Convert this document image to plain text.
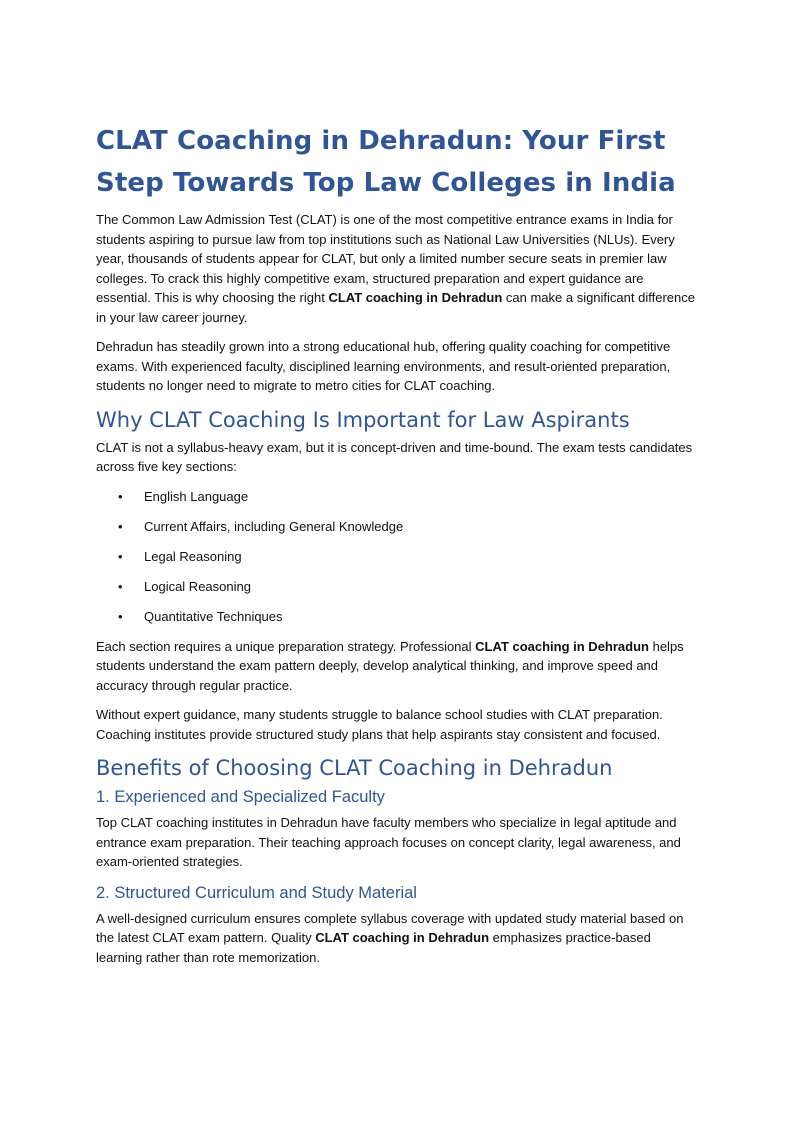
CLAT Coaching in Dehradun: Your First Step Towards Top Law Colleges in India

The Common Law Admission Test (CLAT) is one of the most competitive entrance exams in India for students aspiring to pursue law from top institutions such as National Law Universities (NLUs). Every year, thousands of students appear for CLAT, but only a limited number secure seats in premier law colleges. To crack this highly competitive exam, structured preparation and expert guidance are essential. This is why choosing the right CLAT coaching in Dehradun can make a significant difference in your law career journey.

Dehradun has steadily grown into a strong educational hub, offering quality coaching for competitive exams. With experienced faculty, disciplined learning environments, and result-oriented preparation, students no longer need to migrate to metro cities for CLAT coaching.

Why CLAT Coaching Is Important for Law Aspirants

CLAT is not a syllabus-heavy exam, but it is concept-driven and time-bound. The exam tests candidates across five key sections:

• English Language
• Current Affairs, including General Knowledge
• Legal Reasoning
• Logical Reasoning
• Quantitative Techniques

Each section requires a unique preparation strategy. Professional CLAT coaching in Dehradun helps students understand the exam pattern deeply, develop analytical thinking, and improve speed and accuracy through regular practice.

Without expert guidance, many students struggle to balance school studies with CLAT preparation. Coaching institutes provide structured study plans that help aspirants stay consistent and focused.

Benefits of Choosing CLAT Coaching in Dehradun
1. Experienced and Specialized Faculty

Top CLAT coaching institutes in Dehradun have faculty members who specialize in legal aptitude and entrance exam preparation. Their teaching approach focuses on concept clarity, legal awareness, and exam-oriented strategies.

2. Structured Curriculum and Study Material

A well-designed curriculum ensures complete syllabus coverage with updated study material based on the latest CLAT exam pattern. Quality CLAT coaching in Dehradun emphasizes practice-based learning rather than rote memorization.
